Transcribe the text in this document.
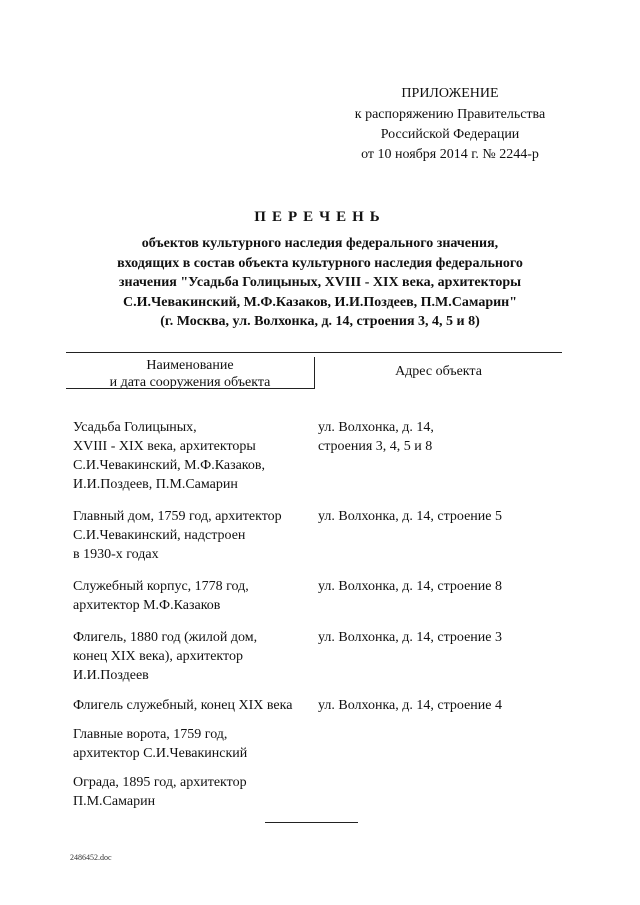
ПРИЛОЖЕНИЕ
к распоряжению Правительства
Российской Федерации
от 10 ноября 2014 г. № 2244-р
ПЕРЕЧЕНЬ
объектов культурного наследия федерального значения,
входящих в состав объекта культурного наследия федерального
значения "Усадьба Голицыных, XVIII - XIX века, архитекторы
С.И.Чевакинский, М.Ф.Казаков, И.И.Поздеев, П.М.Самарин"
(г. Москва, ул. Волхонка, д. 14, строения 3, 4, 5 и 8)
Наименование
и дата сооружения объекта
Адрес объекта
Усадьба Голицыных,
XVIII - XIX века, архитекторы
С.И.Чевакинский, М.Ф.Казаков,
И.И.Поздеев, П.М.Самарин
ул. Волхонка, д. 14,
строения 3, 4, 5 и 8
Главный дом, 1759 год, архитектор
С.И.Чевакинский, надстроен
в 1930-х годах
ул. Волхонка, д. 14, строение 5
Служебный корпус, 1778 год,
архитектор М.Ф.Казаков
ул. Волхонка, д. 14, строение 8
Флигель, 1880 год (жилой дом,
конец XIX века), архитектор
И.И.Поздеев
ул. Волхонка, д. 14, строение 3
Флигель служебный, конец XIX века	ул. Волхонка, д. 14, строение 4
Главные ворота, 1759 год,
архитектор С.И.Чевакинский
Ограда, 1895 год, архитектор
П.М.Самарин
2486452.doc
